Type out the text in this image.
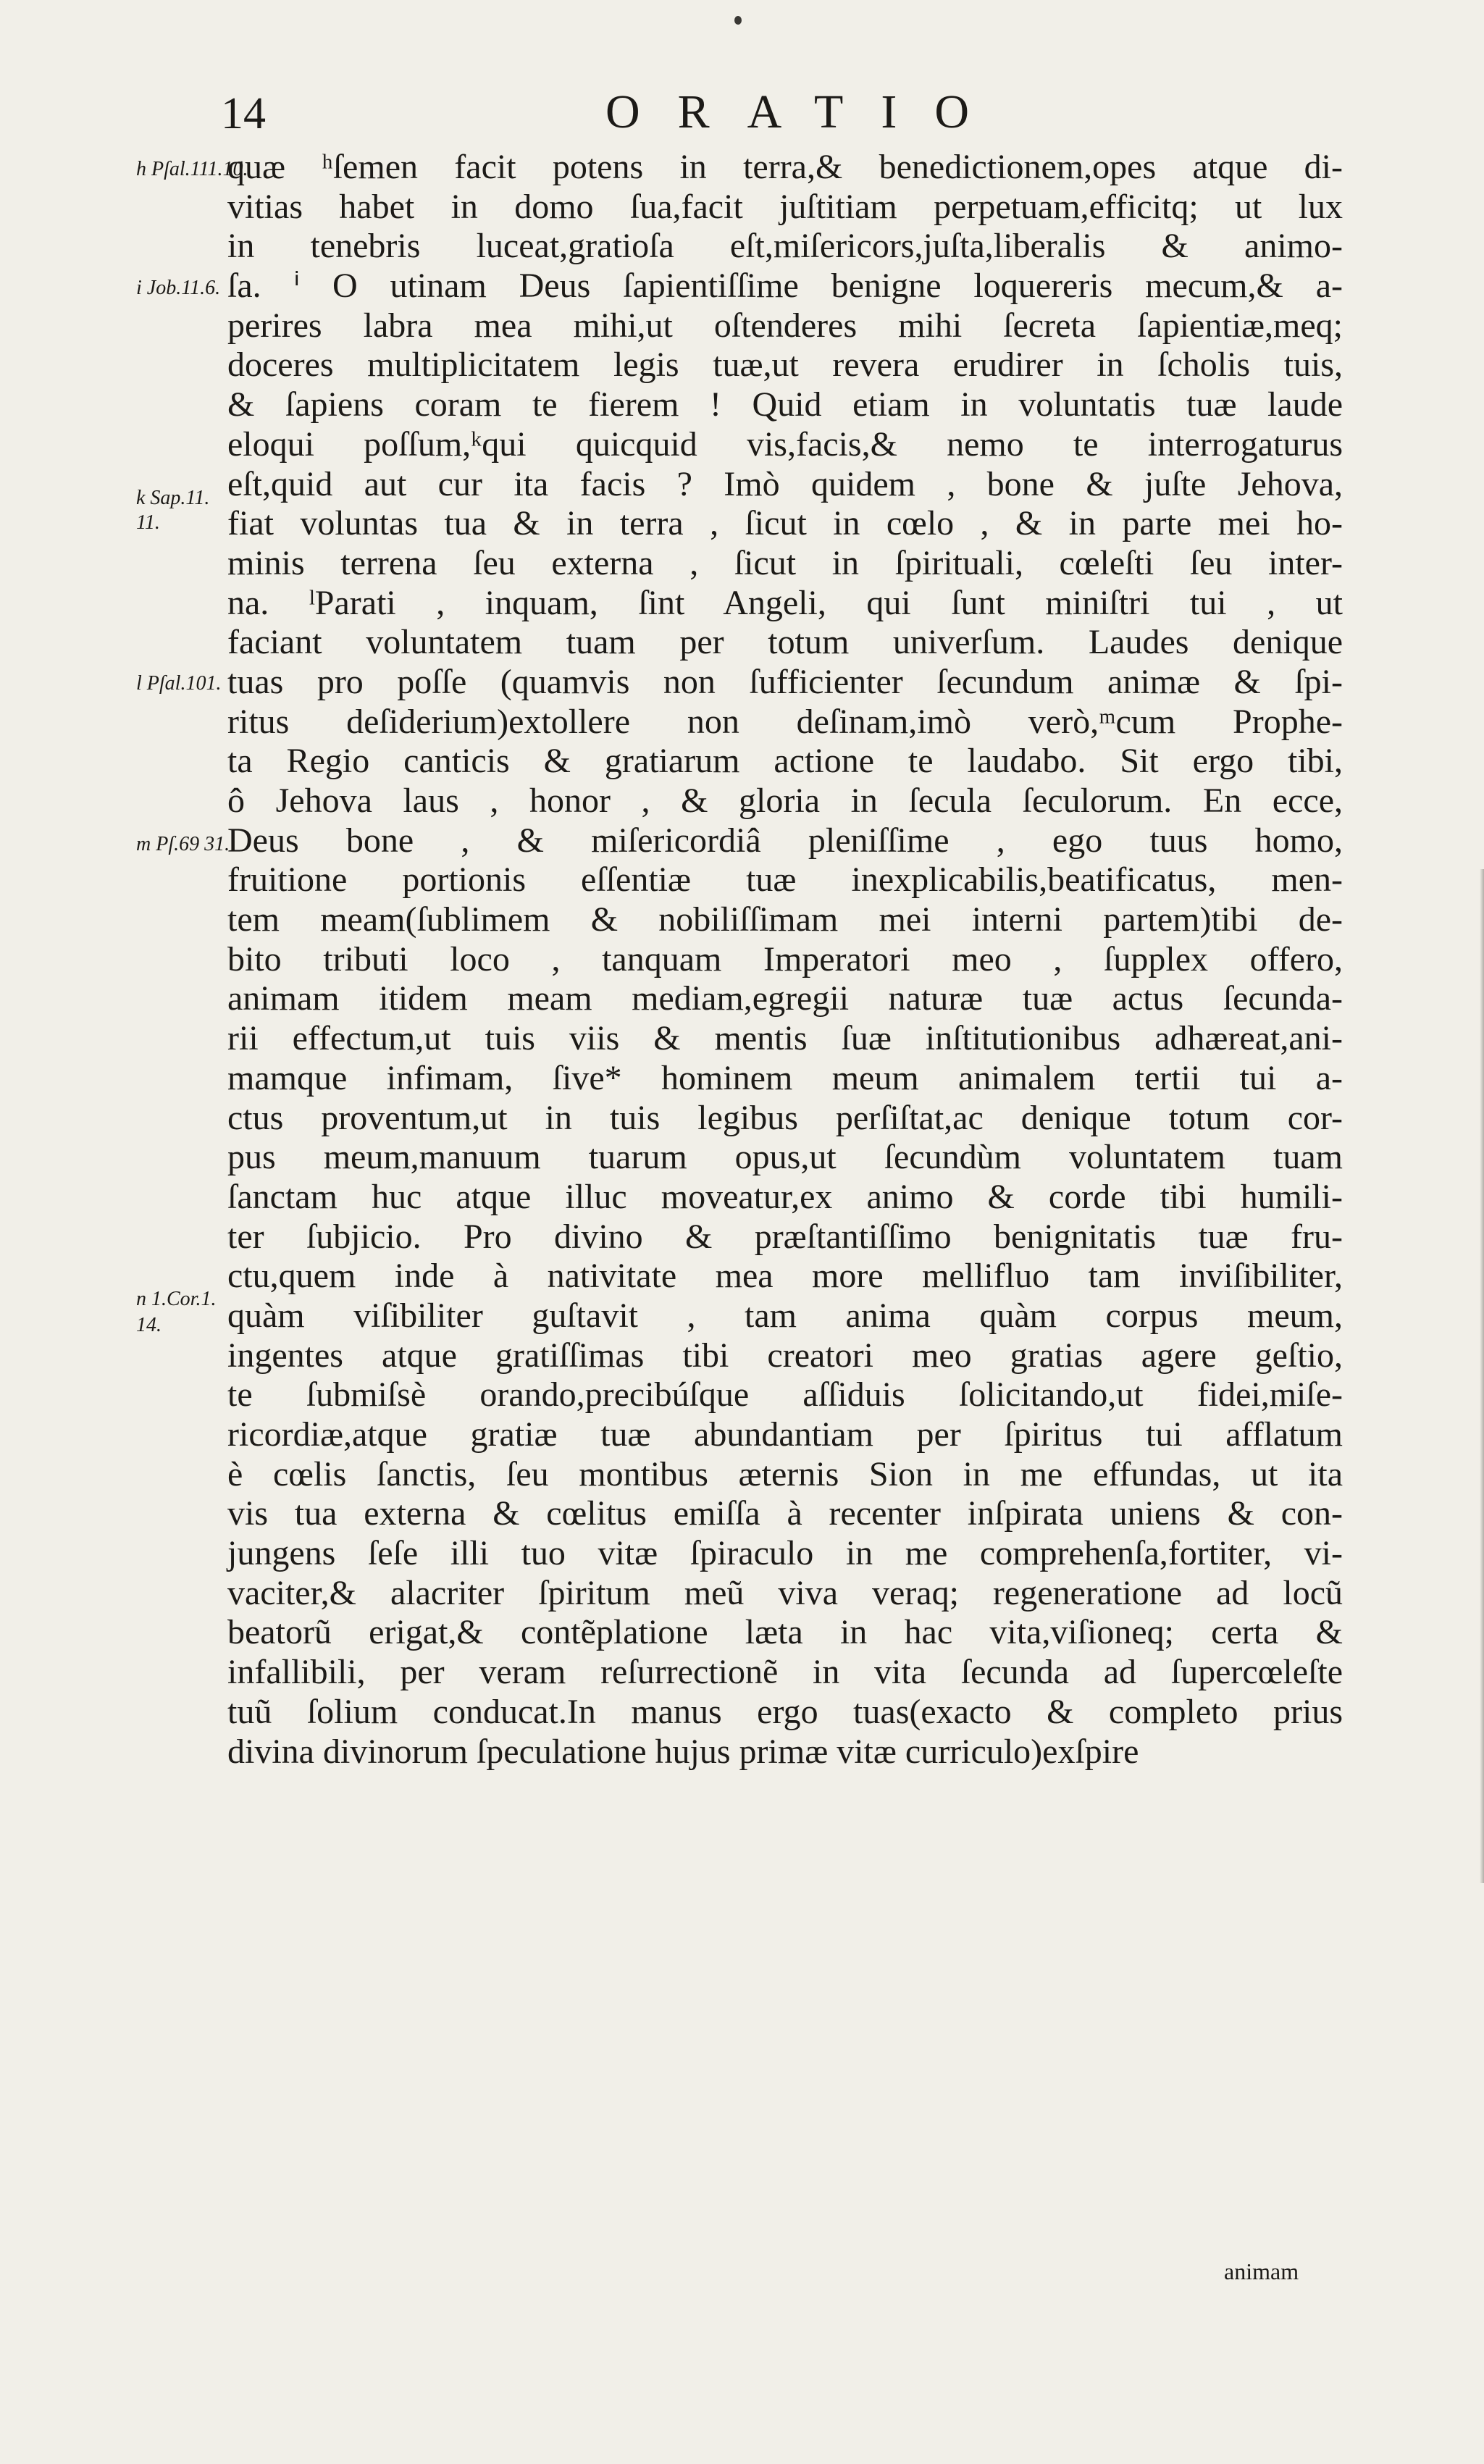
14	ORATIO
h Pſal.111.10.
i Job.11.6.
k Sap.11.
11.
l Pſal.101.
m Pſ.69 31.
n 1.Cor.1.
14.
quæ ʰſemen facit potens in terra,& benedictionem,opes atque di-
vitias habet in domo ſua,facit juſtitiam perpetuam,efficitq; ut lux
in tenebris luceat,gratioſa eſt,miſericors,juſta,liberalis & animo-
ſa. ⁱ O utinam Deus ſapientiſſime benigne loquereris mecum,& a-
perires labra mea mihi,ut oſtenderes mihi ſecreta ſapientiæ,meq;
doceres multiplicitatem legis tuæ,ut revera erudirer in ſcholis tuis,
& ſapiens coram te fierem ! Quid etiam in voluntatis tuæ laude
eloqui poſſum,ᵏqui quicquid vis,facis,& nemo te interrogaturus
eſt,quid aut cur ita facis ? Imò quidem , bone & juſte Jehova,
fiat voluntas tua & in terra , ſicut in cœlo , & in parte mei ho-
minis terrena ſeu externa , ſicut in ſpirituali, cœleſti ſeu inter-
na. ˡParati , inquam, ſint Angeli, qui ſunt miniſtri tui , ut
faciant voluntatem tuam per totum univerſum. Laudes denique
tuas pro poſſe (quamvis non ſufficienter ſecundum animæ & ſpi-
ritus deſiderium)extollere non deſinam,imò verò,ᵐcum Prophe-
ta Regio canticis & gratiarum actione te laudabo. Sit ergo tibi,
ô Jehova laus , honor , & gloria in ſecula ſeculorum. En ecce,
Deus bone , & miſericordiâ pleniſſime , ego tuus homo,
fruitione portionis eſſentiæ tuæ inexplicabilis,beatificatus, men-
tem meam(ſublimem & nobiliſſimam mei interni partem)tibi de-
bito tributi loco , tanquam Imperatori meo , ſupplex offero,
animam itidem meam mediam,egregii naturæ tuæ actus ſecunda-
rii effectum,ut tuis viis & mentis ſuæ inſtitutionibus adhæreat,ani-
mamque infimam, ſive* hominem meum animalem tertii tui a-
ctus proventum,ut in tuis legibus perſiſtat,ac denique totum cor-
pus meum,manuum tuarum opus,ut ſecundùm voluntatem tuam
ſanctam huc atque illuc moveatur,ex animo & corde tibi humili-
ter ſubjicio. Pro divino & præſtantiſſimo benignitatis tuæ fru-
ctu,quem inde à nativitate mea more mellifluo tam inviſibiliter,
quàm viſibiliter guſtavit , tam anima quàm corpus meum,
ingentes atque gratiſſimas tibi creatori meo gratias agere geſtio,
te ſubmiſsè orando,precibúſque aſſiduis ſolicitando,ut fidei,miſe-
ricordiæ,atque gratiæ tuæ abundantiam per ſpiritus tui afflatum
è cœlis ſanctis, ſeu montibus æternis Sion in me effundas, ut ita
vis tua externa & cœlitus emiſſa à recenter inſpirata uniens & con-
jungens ſeſe illi tuo vitæ ſpiraculo in me comprehenſa,fortiter, vi-
vaciter,& alacriter ſpiritum meũ viva veraq; regeneratione ad locũ
beatorũ erigat,& contẽplatione læta in hac vita,viſioneq; certa &
infallibili, per veram reſurrectionẽ in vita ſecunda ad ſupercœleſte
tuũ ſolium conducat.In manus ergo tuas(exacto & completo prius
divina divinorum ſpeculatione hujus primæ vitæ curriculo)exſpire
animam
